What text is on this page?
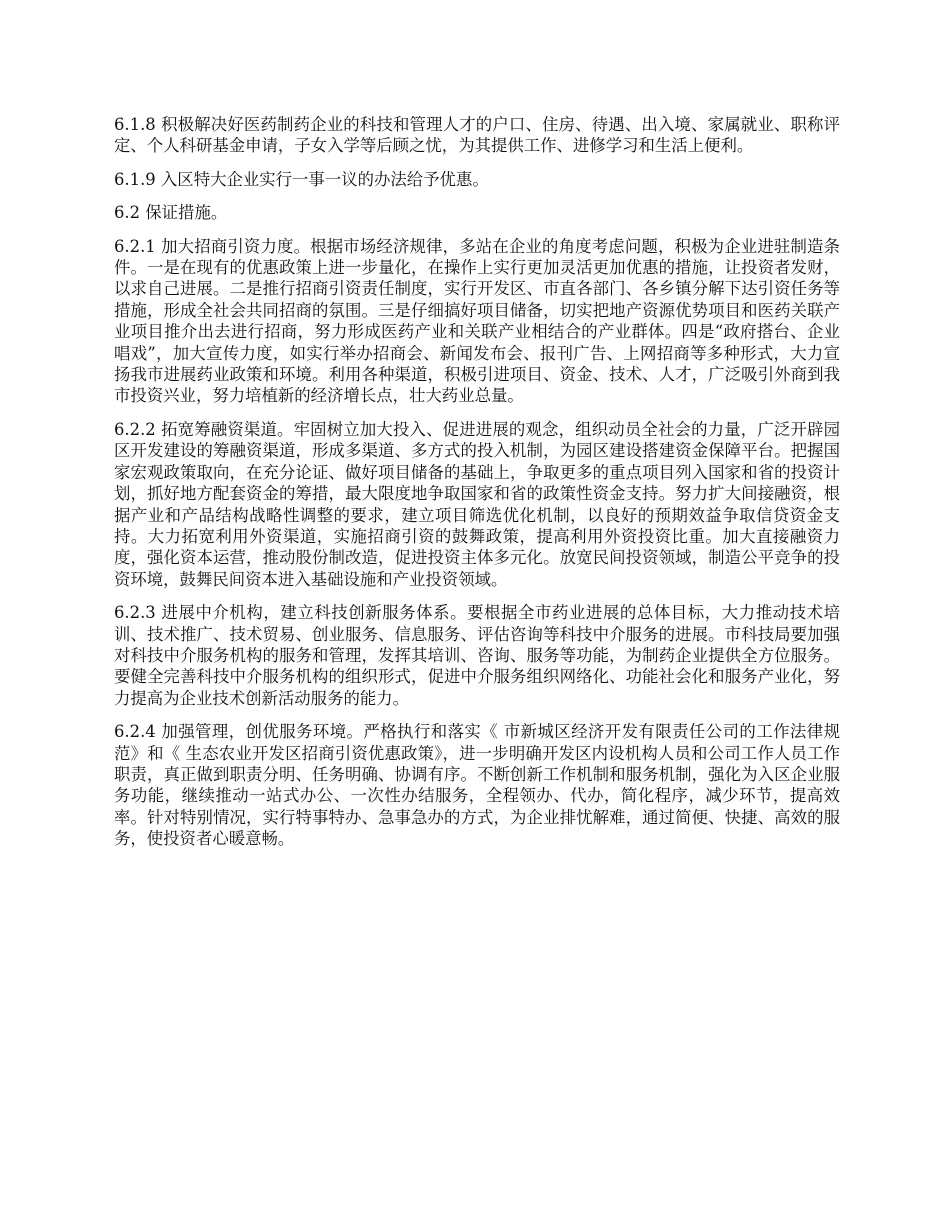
6.1.8 积极解决好医药制药企业的科技和管理人才的户口、住房、待遇、出入境、家属就业、职称评定、个人科研基金申请，子女入学等后顾之忧，为其提供工作、进修学习和生活上便利。

6.1.9 入区特大企业实行一事一议的办法给予优惠。

6.2 保证措施。

6.2.1 加大招商引资力度。根据市场经济规律，多站在企业的角度考虑问题，积极为企业进驻制造条件。一是在现有的优惠政策上进一步量化，在操作上实行更加灵活更加优惠的措施，让投资者发财，以求自己进展。二是推行招商引资责任制度，实行开发区、市直各部门、各乡镇分解下达引资任务等措施，形成全社会共同招商的氛围。三是仔细搞好项目储备，切实把地产资源优势项目和医药关联产业项目推介出去进行招商，努力形成医药产业和关联产业相结合的产业群体。四是“政府搭台、企业唱戏”，加大宣传力度，如实行举办招商会、新闻发布会、报刊广告、上网招商等多种形式，大力宣扬我市进展药业政策和环境。利用各种渠道，积极引进项目、资金、技术、人才，广泛吸引外商到我市投资兴业，努力培植新的经济增长点，壮大药业总量。

6.2.2 拓宽筹融资渠道。牢固树立加大投入、促进进展的观念，组织动员全社会的力量，广泛开辟园区开发建设的筹融资渠道，形成多渠道、多方式的投入机制，为园区建设搭建资金保障平台。把握国家宏观政策取向，在充分论证、做好项目储备的基础上，争取更多的重点项目列入国家和省的投资计划，抓好地方配套资金的筹措，最大限度地争取国家和省的政策性资金支持。努力扩大间接融资，根据产业和产品结构战略性调整的要求，建立项目筛选优化机制，以良好的预期效益争取信贷资金支持。大力拓宽利用外资渠道，实施招商引资的鼓舞政策，提高利用外资投资比重。加大直接融资力度，强化资本运营，推动股份制改造，促进投资主体多元化。放宽民间投资领域，制造公平竞争的投资环境，鼓舞民间资本进入基础设施和产业投资领域。

6.2.3 进展中介机构，建立科技创新服务体系。要根据全市药业进展的总体目标，大力推动技术培训、技术推广、技术贸易、创业服务、信息服务、评估咨询等科技中介服务的进展。市科技局要加强对科技中介服务机构的服务和管理，发挥其培训、咨询、服务等功能，为制药企业提供全方位服务。要健全完善科技中介服务机构的组织形式，促进中介服务组织网络化、功能社会化和服务产业化，努力提高为企业技术创新活动服务的能力。

6.2.4 加强管理，创优服务环境。严格执行和落实《 市新城区经济开发有限责任公司的工作法律规范》和《 生态农业开发区招商引资优惠政策》，进一步明确开发区内设机构人员和公司工作人员工作职责，真正做到职责分明、任务明确、协调有序。不断创新工作机制和服务机制，强化为入区企业服务功能，继续推动一站式办公、一次性办结服务，全程领办、代办，简化程序，减少环节，提高效率。针对特别情况，实行特事特办、急事急办的方式，为企业排忧解难，通过简便、快捷、高效的服务，使投资者心暖意畅。
